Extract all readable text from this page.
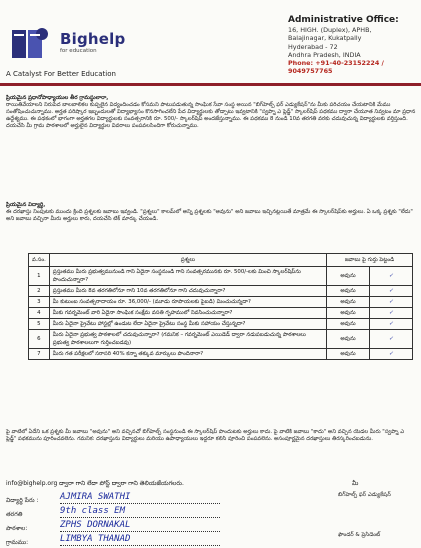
Bighelp
for education
A Catalyst For Better Education
Administrative Office:
16, HIGH. (Duplex), APHB,
Balajinagar, Kukatpally
Hyderabad - 72
Andhra Pradesh, INDIA
Phone: +91-40-23152224 / 9049757765
ప్రియమైన ప్రధానోపాధ్యాయుల తీర గ్రామస్థులారా,
రాయితివేయాలని నిరుపేద బాలబాలికల కుప్పలైన విద్యందించడం కోసమని పాటుపడుతున్న సాంఘిక సేవా సంస్థ అయిన "బిగ్‌హెల్ప్ ఫర్ ఎడ్యుకేషన్"ను మీకు పరిచయం చేయటానికి మేము సంతోషించుచున్నాము. అర్హత పరిష్కార ఇబ్బందులతో విద్యాభ్యాసం కొనసాగించలేని పేద విద్యార్థులకు తోడ్పాటు ఇవ్వటానికి "స్వప్నా ఎ ప్లెడ్జ్" స్కాలర్‌షిప్ పథకము ద్వారా చేయూత నివ్వటం మా ప్రధాన ఉద్దేశ్యము. ఈ పథకంలో భాగంగా అర్హతగల విద్యార్థులకు సంవత్సరానికి రూ. 500/- స్కాలర్‌షిప్ అందజేస్తున్నాము. ఈ పథకము 8 నుండి 10వ తరగతి వరకు చదువుచున్న విద్యార్థులకు వర్తిస్తుంది. దయచేసి మీ గ్రామ పాఠశాలలో అర్హులైన విద్యార్థుల వివరాలు పంపవలసిందిగా కోరుచున్నాము.
ప్రియమైన విద్యార్థి,
ఈ దరఖాస్తు నింపుటకు ముందు క్రింది ప్రశ్నలకు జవాబు ఇవ్వండి. "ప్రశ్నలు" కాలమ్‌లో అన్ని ప్రశ్నలకు "అవును" అని జవాబు ఇచ్చినట్లయితే మాత్రమే ఈ స్కాలర్‌షిప్‌కు అర్హులు. ఏ ఒక్క ప్రశ్నకు "లేదు" అని జవాబు వచ్చినా మీరు అర్హులు కారు, దయచేసి టిక్ మార్కు చేయండి.
వ.సం.	ప్రశ్నలు	జవాబు పై గుర్తు పెట్టండి	
1	ప్రస్తుతము మీరు ప్రభుత్వమునుండి గాని ఏదైనా సంస్థనుండి గాని సంవత్సరమునకు రూ. 500/-లకు మించి స్కాలర్‌షిప్‌ను పొందుచున్నారా?	అవును	✓
2	ప్రస్తుతము మీరు 8వ తరగతిలోనూ గాని 10వ తరగతిలోనూ గాని చదువుచున్నారా?	అవును	✓
3	మీ కుటుంబ సంవత్సరాదాయం రూ. 36,000/- (మూడు రూపాయలకు పైబడి) మించుచున్నదా?	అవును	✓
4	మీకు గవర్నమెంట్ వారి ఏదైనా సాంఘిక సంక్షేమ వసతి గృహములో నివసించుచున్నారా?	అవును	✓
5	మీరు ఏదైనా ప్రైవేటు హాస్టల్లో ఉండుట లేదా ఏదైనా ప్రైవేటు సంస్థ మీకు సహాయం చేస్తున్నదా?	అవును	✓
6	మీరు ఏదైనా ప్రభుత్వ పాఠశాలలో చదువుచున్నారా? (గమనిక – గవర్నమెంట్ ఎయిడెడ్ ద్వారా నడుపబడుచున్న పాఠశాలలు ప్రభుత్వ పాఠశాలలుగా గుర్తించబడవు)	అవును	✓
7	మీరు గత పరీక్షలలో సరాసరి 40% కన్నా తక్కువ మార్కులు పొందినారా?	అవును	✓
పై వాటిలో ఏదేని ఒక ప్రశ్నకు మీ జవాబు "అవును" అని వచ్చినచో బిగ్‌హెల్ప్ సంస్థనుండి ఈ స్కాలర్‌షిప్ పొందుటకు అర్హులు కాదు. పై వాటికి జవాబు "కాదు" అని వచ్చిన యెడల మీరు "స్వప్నా ఎ ప్లెడ్జ్" పథకమును పూరించవలెను. గమనిక: దరఖాస్తును విద్యార్థులు మరియు ఉపాధ్యాయులు ఇద్దరూ కలిసి పూరించి పంపవలెను. అసంపూర్ణమైన దరఖాస్తులు తిరస్కరించబడును.
info@bighelp.org ద్వారా గాని లేదా పోస్ట్ ద్వారా గాని తెలియజేయగలరు.
విద్యార్థి పేరు : AJMIRA SWATHI
తరగతి	9th class EM
పాఠశాల:	ZPHS DORNAKAL
గ్రామము:	LIMBYA THANAD
మీ
బిగ్‌హెల్ప్ ఫర్ ఎడ్యుకేషన్
ఫౌండర్ & ప్రెసిడెంట్
